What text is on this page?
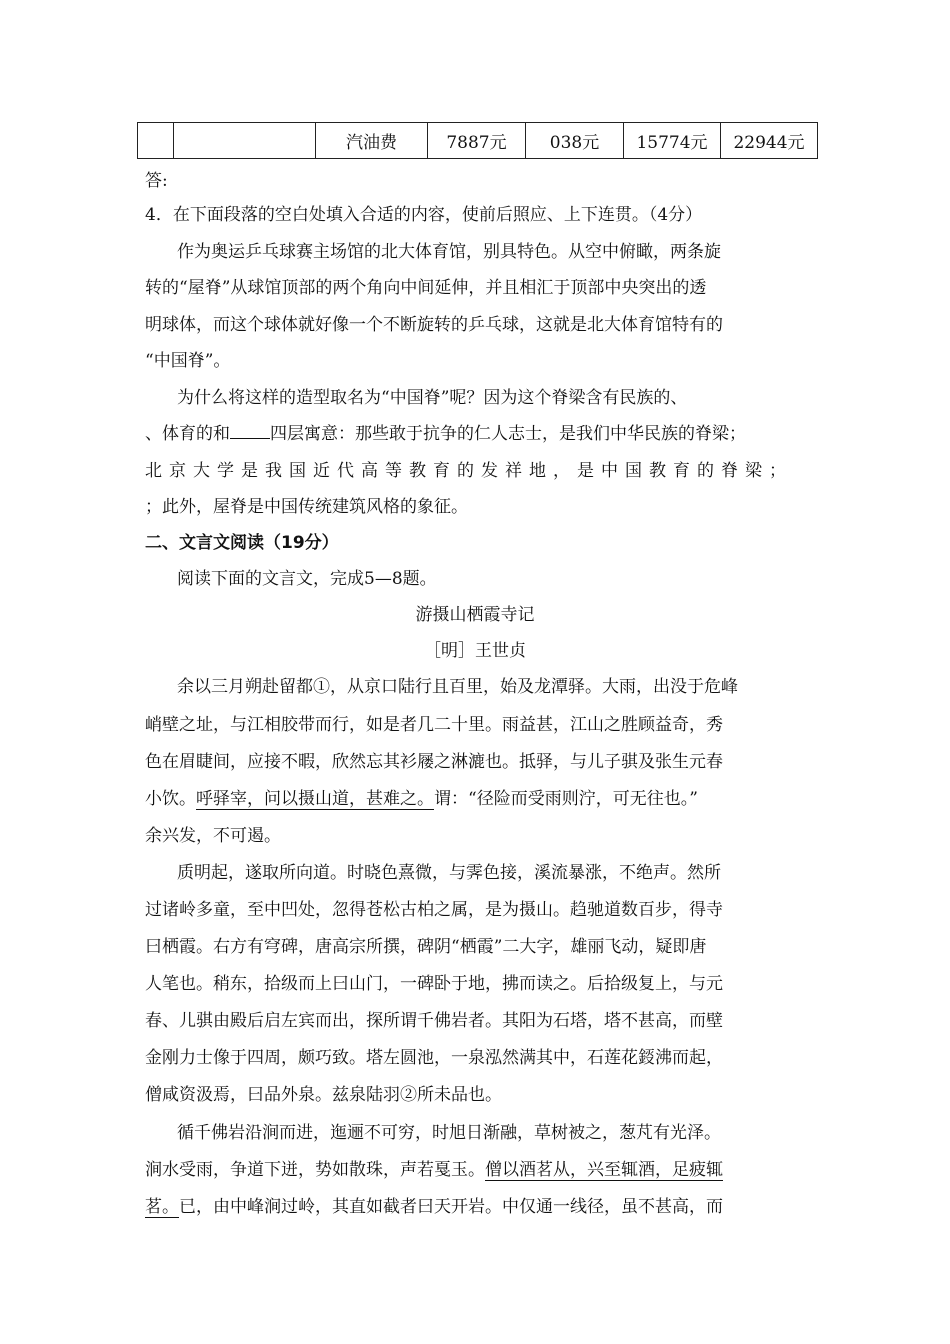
		汽油费	7887元	038元	15774元	22944元
答:
4．在下面段落的空白处填入合适的内容，使前后照应、上下连贯。（4分）
作为奥运乒乓球赛主场馆的北大体育馆，别具特色。从空中俯瞰，两条旋
转的“屋脊”从球馆顶部的两个角向中间延伸，并且相汇于顶部中央突出的透
明球体，而这个球体就好像一个不断旋转的乒乓球，这就是北大体育馆特有的
“中国脊”。
为什么将这样的造型取名为“中国脊”呢？因为这个脊梁含有民族的、
、体育的和 四层寓意：那些敢于抗争的仁人志士，是我们中华民族的脊梁；
北京大学是我国近代高等教育的发祥地，是中国教育的脊梁；
；此外，屋脊是中国传统建筑风格的象征。
二、文言文阅读（19分）
阅读下面的文言文，完成5—8题。
游摄山栖霞寺记
［明］王世贞
余以三月朔赴留都①，从京口陆行且百里，始及龙潭驿。大雨，出没于危峰
峭壁之址，与江相胶带而行，如是者几二十里。雨益甚，江山之胜顾益奇，秀
色在眉睫间，应接不暇，欣然忘其衫屦之淋漉也。抵驿，与儿子骐及张生元春
小饮。呼驿宰，问以摄山道，甚难之。谓：“径险而受雨则泞，可无往也。”
余兴发，不可遏。
质明起，遂取所向道。时晓色熹微，与霁色接，溪流暴涨，不绝声。然所
过诸岭多童，至中凹处，忽得苍松古柏之属，是为摄山。趋驰道数百步，得寺
曰栖霞。右方有穹碑，唐高宗所撰，碑阴“栖霞”二大字，雄丽飞动，疑即唐
人笔也。稍东，拾级而上曰山门，一碑卧于地，拂而读之。后拾级复上，与元
春、儿骐由殿后启左宾而出，探所谓千佛岩者。其阳为石塔，塔不甚高，而壁
金刚力士像于四周，颇巧致。塔左圆池，一泉泓然满其中，石莲花鋄沸而起，
僧咸资汲焉，曰品外泉。兹泉陆羽②所未品也。
循千佛岩沿涧而进，迤逦不可穷，时旭日渐融，草树被之，葱芃有光泽。
涧水受雨，争道下迸，势如散珠，声若戛玉。僧以酒茗从，兴至辄酒，足疲辄
茗。已，由中峰涧过岭，其直如截者曰天开岩。中仅通一线径，虽不甚高，而
